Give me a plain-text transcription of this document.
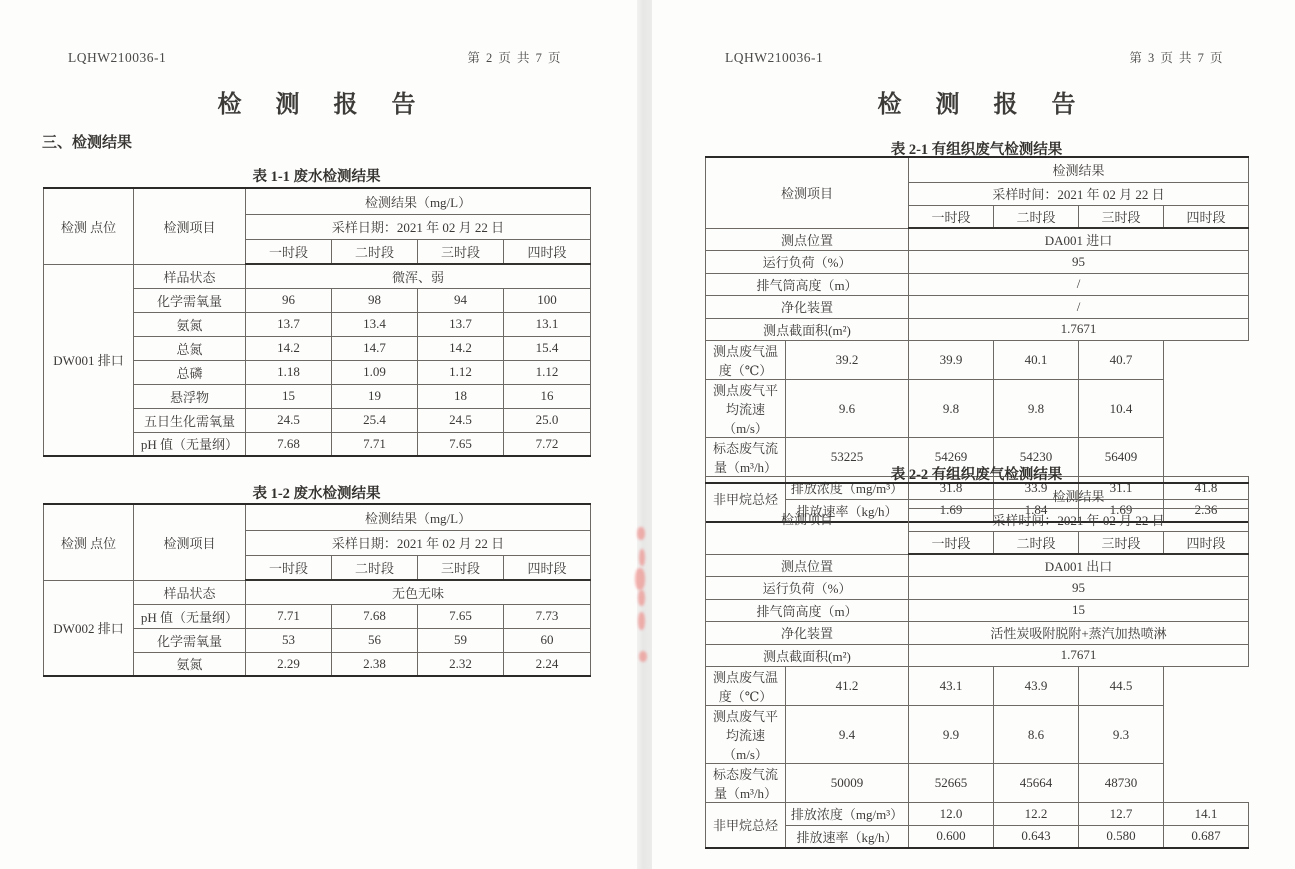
LQHW210036-1	第 2 页 共 7 页
检 测 报 告
三、检测结果
表 1-1 废水检测结果
检测 点位	检测项目	检测结果（mg/L）			
		采样日期：2021 年 02 月 22 日			
		一时段	二时段	三时段	四时段
DW001 排口	样品状态	微浑、弱			
	化学需氧量	96	98	94	100
	氨氮	13.7	13.4	13.7	13.1
	总氮	14.2	14.7	14.2	15.4
	总磷	1.18	1.09	1.12	1.12
	悬浮物	15	19	18	16
	五日生化需氧量	24.5	25.4	24.5	25.0
	pH 值（无量纲）	7.68	7.71	7.65	7.72
表 1-2 废水检测结果
检测 点位	检测项目	检测结果（mg/L）			
		采样日期：2021 年 02 月 22 日			
		一时段	二时段	三时段	四时段
DW002 排口	样品状态	无色无味			
	pH 值（无量纲）	7.71	7.68	7.65	7.73
	化学需氧量	53	56	59	60
	氨氮	2.29	2.38	2.32	2.24
LQHW210036-1	第 3 页 共 7 页
检 测 报 告
表 2-1 有组织废气检测结果
检测项目		检测结果			
		采样时间：2021 年 02 月 22 日			
		一时段	二时段	三时段	四时段
测点位置		DA001 进口			
运行负荷（%）		95			
排气筒高度（m）		/			
净化装置		/			
测点截面积(m²)		1.7671			
测点废气温度（℃）	39.2	39.9	40.1	40.7	
测点废气平均流速（m/s）	9.6	9.8	9.8	10.4	
标态废气流量（m³/h）	53225	54269	54230	56409	
非甲烷总烃	排放浓度（mg/m³）	31.8	33.9	31.1	41.8
	排放速率（kg/h）	1.69	1.84	1.69	2.36
表 2-2 有组织废气检测结果
检测项目		检测结果			
		采样时间：2021 年 02 月 22 日			
		一时段	二时段	三时段	四时段
测点位置		DA001 出口			
运行负荷（%）		95			
排气筒高度（m）		15			
净化装置		活性炭吸附脱附+蒸汽加热喷淋			
测点截面积(m²)		1.7671			
测点废气温度（℃）	41.2	43.1	43.9	44.5	
测点废气平均流速（m/s）	9.4	9.9	8.6	9.3	
标态废气流量（m³/h）	50009	52665	45664	48730	
非甲烷总烃	排放浓度（mg/m³）	12.0	12.2	12.7	14.1
	排放速率（kg/h）	0.600	0.643	0.580	0.687
